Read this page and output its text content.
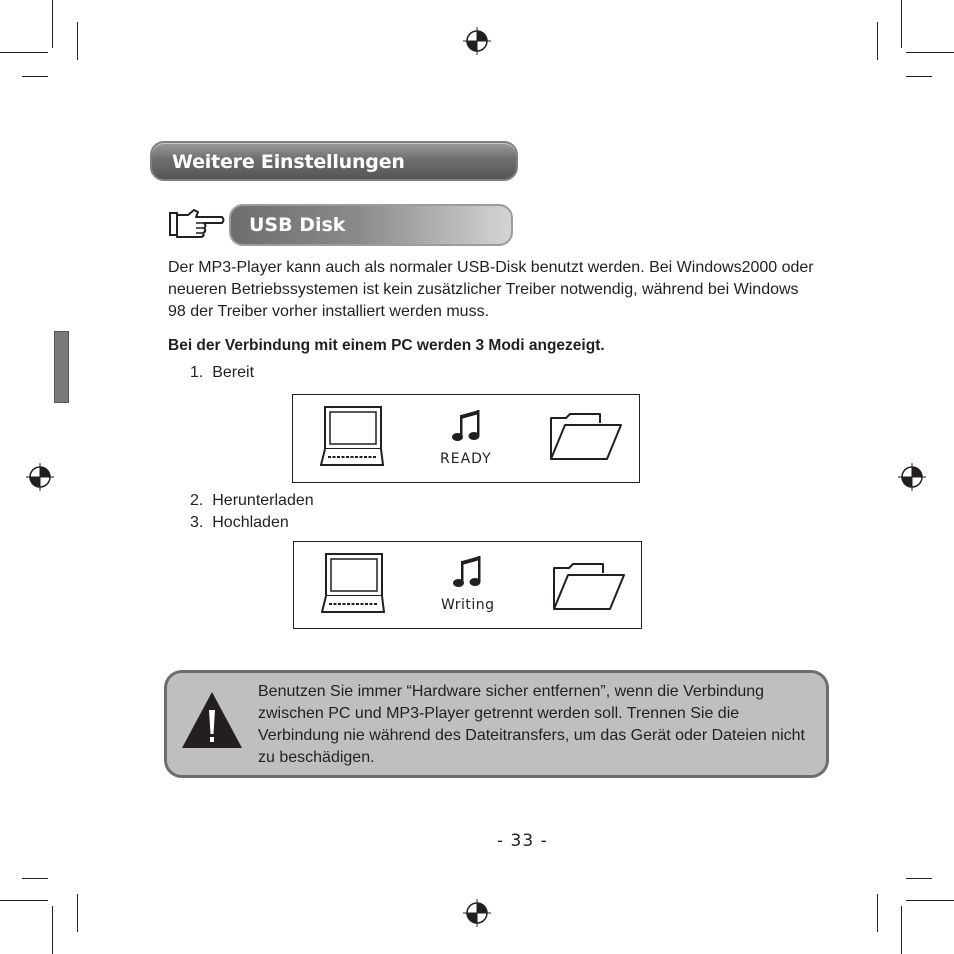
Weitere Einstellungen
USB Disk

Der MP3-Player kann auch als normaler USB-Disk benutzt werden. Bei Windows2000 oder neueren Betriebssystemen ist kein zusätzlicher Treiber notwendig, während bei Windows 98 der Treiber vorher installiert werden muss.

Bei der Verbindung mit einem PC werden 3 Modi angezeigt.
1. Bereit
READY
2. Herunterladen
3. Hochladen
Writing

Benutzen Sie immer “Hardware sicher entfernen”, wenn die Verbindung zwischen PC und MP3-Player getrennt werden soll. Trennen Sie die Verbindung nie während des Dateitransfers, um das Gerät oder Dateien nicht zu beschädigen.

- 33 -
